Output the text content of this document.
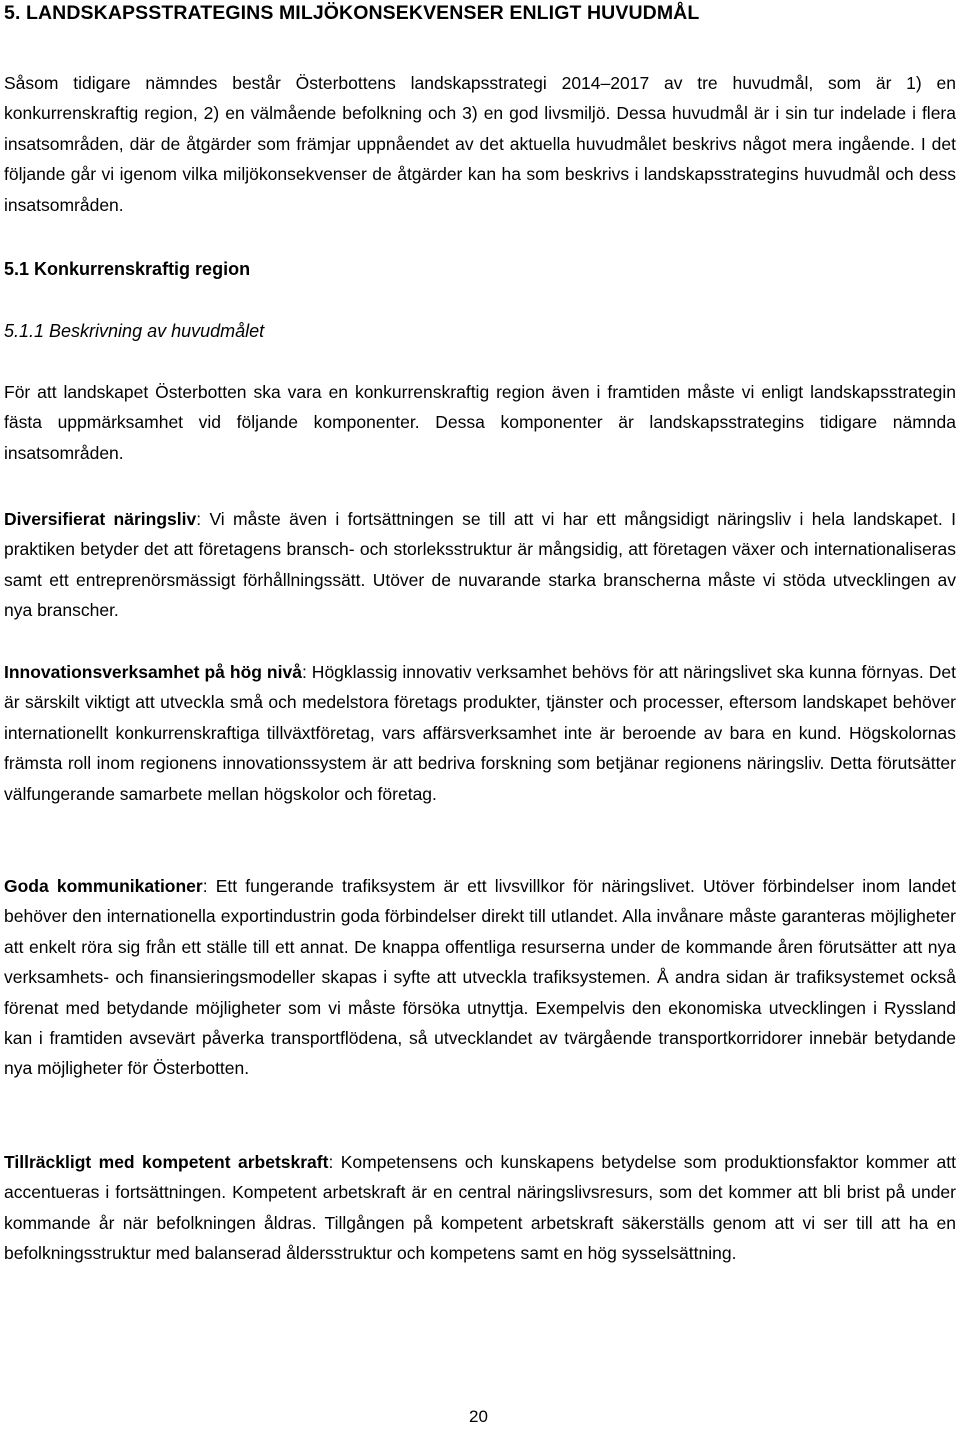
5. LANDSKAPSSTRATEGINS MILJÖKONSEKVENSER ENLIGT HUVUDMÅL

Såsom tidigare nämndes består Österbottens landskapsstrategi 2014–2017 av tre huvudmål, som är 1) en konkurrenskraftig region, 2) en välmående befolkning och 3) en god livsmiljö. Dessa huvudmål är i sin tur indelade i flera insatsområden, där de åtgärder som främjar uppnåendet av det aktuella huvudmålet beskrivs något mera ingående. I det följande går vi igenom vilka miljökonsekvenser de åtgärder kan ha som beskrivs i landskapsstrategins huvudmål och dess insatsområden.

5.1 Konkurrenskraftig region
5.1.1 Beskrivning av huvudmålet

För att landskapet Österbotten ska vara en konkurrenskraftig region även i framtiden måste vi enligt landskapsstrategin fästa uppmärksamhet vid följande komponenter. Dessa komponenter är landskapsstrategins tidigare nämnda insatsområden.

Diversifierat näringsliv: Vi måste även i fortsättningen se till att vi har ett mångsidigt näringsliv i hela landskapet. I praktiken betyder det att företagens bransch- och storleksstruktur är mångsidig, att företagen växer och internationaliseras samt ett entreprenörsmässigt förhållningssätt. Utöver de nuvarande starka branscherna måste vi stöda utvecklingen av nya branscher.

Innovationsverksamhet på hög nivå: Högklassig innovativ verksamhet behövs för att näringslivet ska kunna förnyas. Det är särskilt viktigt att utveckla små och medelstora företags produkter, tjänster och processer, eftersom landskapet behöver internationellt konkurrenskraftiga tillväxtföretag, vars affärsverksamhet inte är beroende av bara en kund. Högskolornas främsta roll inom regionens innovationssystem är att bedriva forskning som betjänar regionens näringsliv. Detta förutsätter välfungerande samarbete mellan högskolor och företag.

Goda kommunikationer: Ett fungerande trafiksystem är ett livsvillkor för näringslivet. Utöver förbindelser inom landet behöver den internationella exportindustrin goda förbindelser direkt till utlandet. Alla invånare måste garanteras möjligheter att enkelt röra sig från ett ställe till ett annat. De knappa offentliga resurserna under de kommande åren förutsätter att nya verksamhets- och finansieringsmodeller skapas i syfte att utveckla trafiksystemen. Å andra sidan är trafiksystemet också förenat med betydande möjligheter som vi måste försöka utnyttja. Exempelvis den ekonomiska utvecklingen i Ryssland kan i framtiden avsevärt påverka transportflödena, så utvecklandet av tvärgående transportkorridorer innebär betydande nya möjligheter för Österbotten.

Tillräckligt med kompetent arbetskraft: Kompetensens och kunskapens betydelse som produktionsfaktor kommer att accentueras i fortsättningen. Kompetent arbetskraft är en central näringslivsresurs, som det kommer att bli brist på under kommande år när befolkningen åldras. Tillgången på kompetent arbetskraft säkerställs genom att vi ser till att ha en befolkningsstruktur med balanserad åldersstruktur och kompetens samt en hög sysselsättning.

20
